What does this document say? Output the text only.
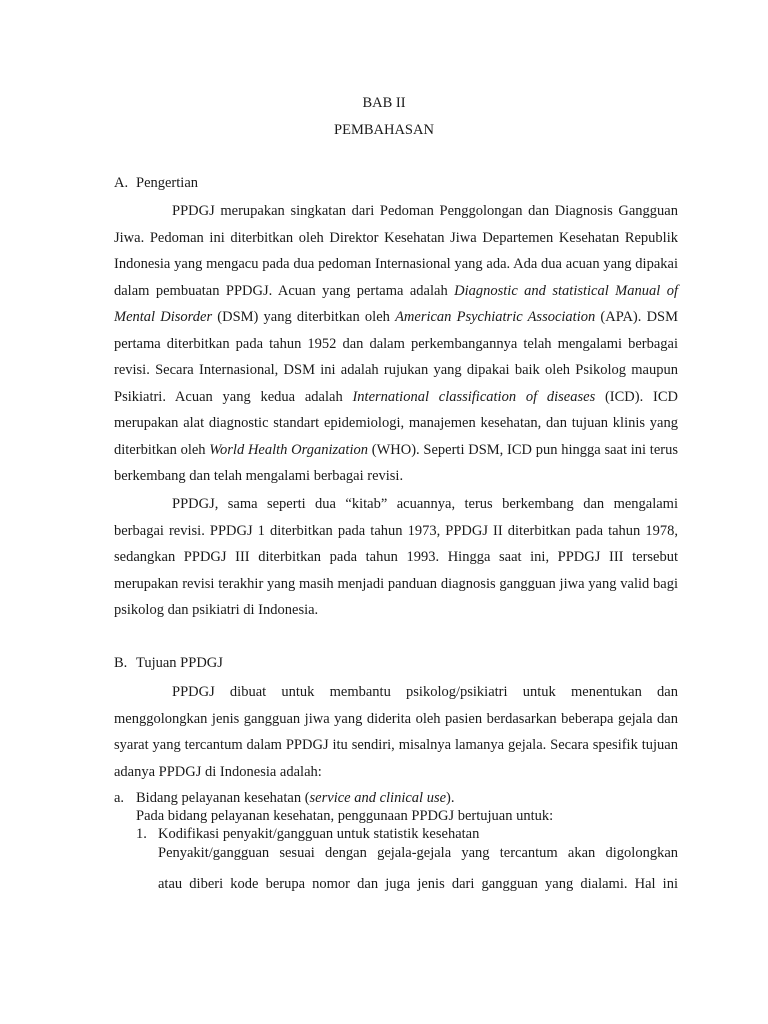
BAB II
PEMBAHASAN
A. Pengertian

PPDGJ merupakan singkatan dari Pedoman Penggolongan dan Diagnosis Gangguan Jiwa. Pedoman ini diterbitkan oleh Direktor Kesehatan Jiwa Departemen Kesehatan Republik Indonesia yang mengacu pada dua pedoman Internasional yang ada. Ada dua acuan yang dipakai dalam pembuatan PPDGJ. Acuan yang pertama adalah Diagnostic and statistical Manual of Mental Disorder (DSM) yang diterbitkan oleh American Psychiatric Association (APA). DSM pertama diterbitkan pada tahun 1952 dan dalam perkembangannya telah mengalami berbagai revisi. Secara Internasional, DSM ini adalah rujukan yang dipakai baik oleh Psikolog maupun Psikiatri. Acuan yang kedua adalah International classification of diseases (ICD). ICD merupakan alat diagnostic standart epidemiologi, manajemen kesehatan, dan tujuan klinis yang diterbitkan oleh World Health Organization (WHO). Seperti DSM, ICD pun hingga saat ini terus berkembang dan telah mengalami berbagai revisi.

PPDGJ, sama seperti dua “kitab” acuannya, terus berkembang dan mengalami berbagai revisi. PPDGJ 1 diterbitkan pada tahun 1973, PPDGJ II diterbitkan pada tahun 1978, sedangkan PPDGJ III diterbitkan pada tahun 1993. Hingga saat ini, PPDGJ III tersebut merupakan revisi terakhir yang masih menjadi panduan diagnosis gangguan jiwa yang valid bagi psikolog dan psikiatri di Indonesia.

B. Tujuan PPDGJ

PPDGJ dibuat untuk membantu psikolog/psikiatri untuk menentukan dan menggolongkan jenis gangguan jiwa yang diderita oleh pasien berdasarkan beberapa gejala dan syarat yang tercantum dalam PPDGJ itu sendiri, misalnya lamanya gejala. Secara spesifik tujuan adanya PPDGJ di Indonesia adalah:

a. Bidang pelayanan kesehatan (service and clinical use).
Pada bidang pelayanan kesehatan, penggunaan PPDGJ bertujuan untuk:
1. Kodifikasi penyakit/gangguan untuk statistik kesehatan

Penyakit/gangguan sesuai dengan gejala-gejala yang tercantum akan digolongkan
atau diberi kode berupa nomor dan juga jenis dari gangguan yang dialami. Hal ini
